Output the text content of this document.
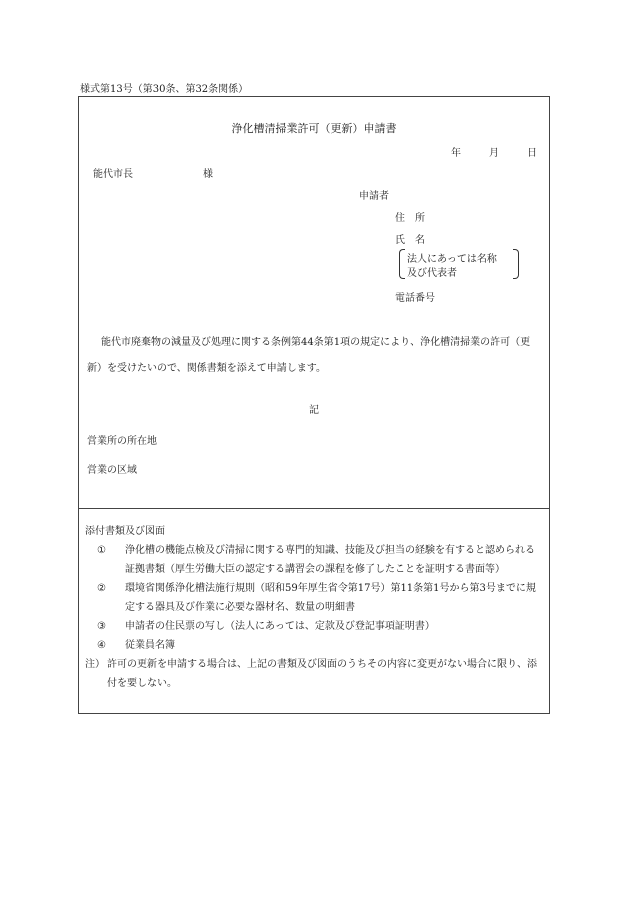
様式第13号（第30条、第32条関係）
浄化槽清掃業許可（更新）申請書
年	月	日
能代市長	様
申請者
住　所
氏　名
法人にあっては名称
及び代表者
電話番号
能代市廃棄物の減量及び処理に関する条例第44条第1項の規定により、浄化槽清掃業の許可（更新）を受けたいので、関係書類を添えて申請します。
記
営業所の所在地
営業の区域
添付書類及び図面
①	浄化槽の機能点検及び清掃に関する専門的知識、技能及び担当の経験を有すると認められる証拠書類（厚生労働大臣の認定する講習会の課程を修了したことを証明する書面等）
②	環境省関係浄化槽法施行規則（昭和59年厚生省令第17号）第11条第1号から第3号までに規定する器具及び作業に必要な器材名、数量の明細書
③	申請者の住民票の写し（法人にあっては、定款及び登記事項証明書）
④	従業員名簿
注） 許可の更新を申請する場合は、上記の書類及び図面のうちその内容に変更がない場合に限り、添付を要しない。
